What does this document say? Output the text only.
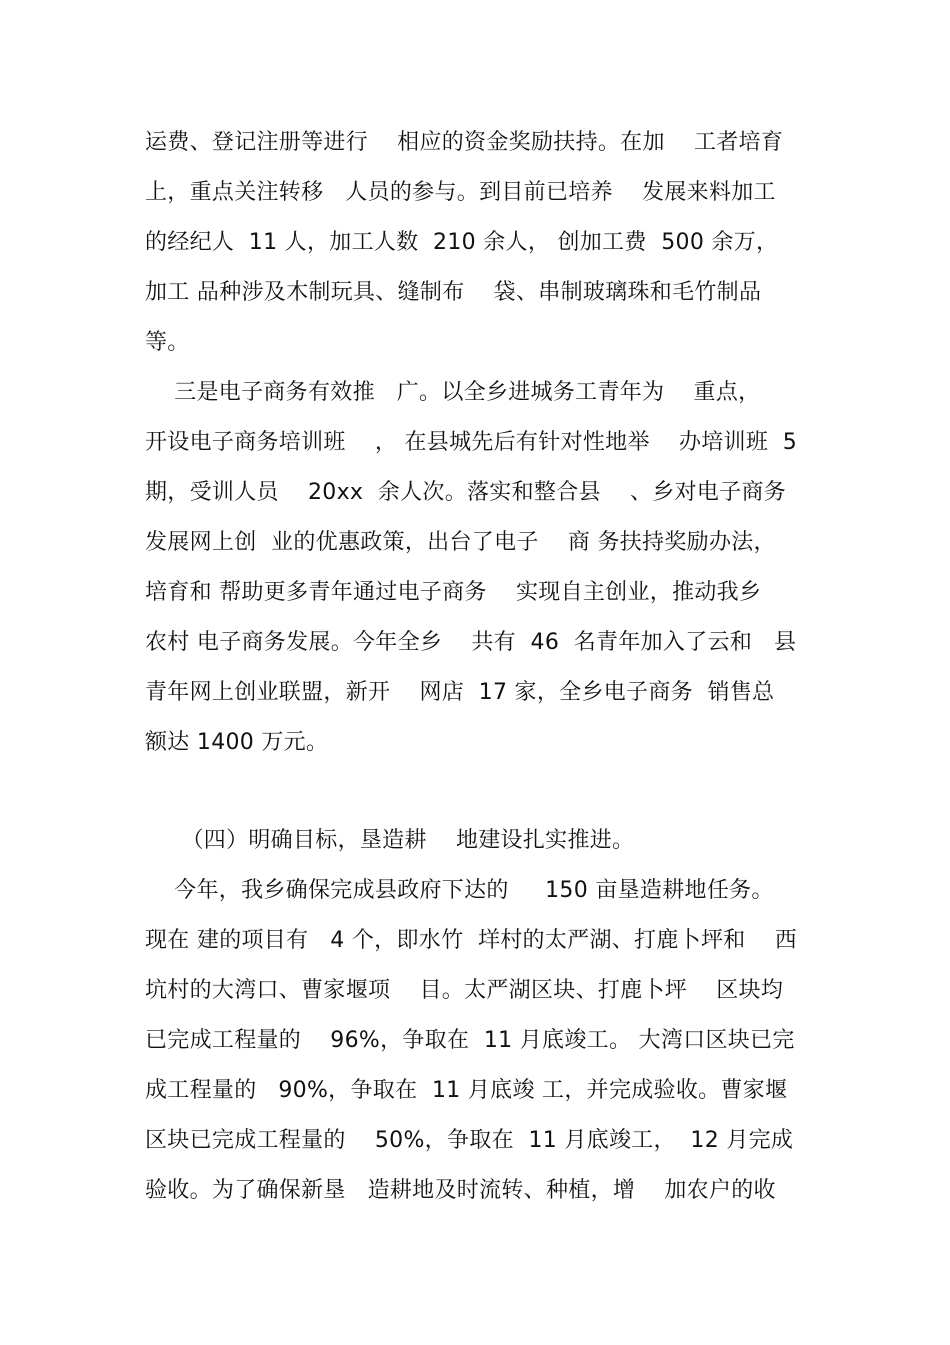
运费、登记注册等进行    相应的资金奖励扶持。在加    工者培育
上，重点关注转移   人员的参与。到目前已培养    发展来料加工
的经纪人  11 人，加工人数  210 余人， 创加工费  500 余万，
加工 品种涉及木制玩具、缝制布    袋、串制玻璃珠和毛竹制品
等。
三是电子商务有效推   广。以全乡进城务工青年为    重点，
开设电子商务培训班    ， 在县城先后有针对性地举    办培训班  5
期，受训人员    20xx  余人次。落实和整合县    、乡对电子商务
发展网上创  业的优惠政策，出台了电子    商 务扶持奖励办法，
培育和 帮助更多青年通过电子商务    实现自主创业，推动我乡
农村 电子商务发展。今年全乡    共有  46  名青年加入了云和   县
青年网上创业联盟，新开    网店  17 家，全乡电子商务  销售总
额达 1400 万元。
（四）明确目标，垦造耕    地建设扎实推进。
今年，我乡确保完成县政府下达的     150 亩垦造耕地任务。
现在 建的项目有   4 个，即水竹  垟村的太严湖、打鹿卜坪和    西
坑村的大湾口、曹家堰项    目。太严湖区块、打鹿卜坪    区块均
已完成工程量的    96%，争取在  11 月底竣工。 大湾口区块已完
成工程量的   90%，争取在  11 月底竣 工，并完成验收。曹家堰
区块已完成工程量的    50%，争取在  11 月底竣工，  12 月完成
验收。为了确保新垦   造耕地及时流转、种植，增    加农户的收
